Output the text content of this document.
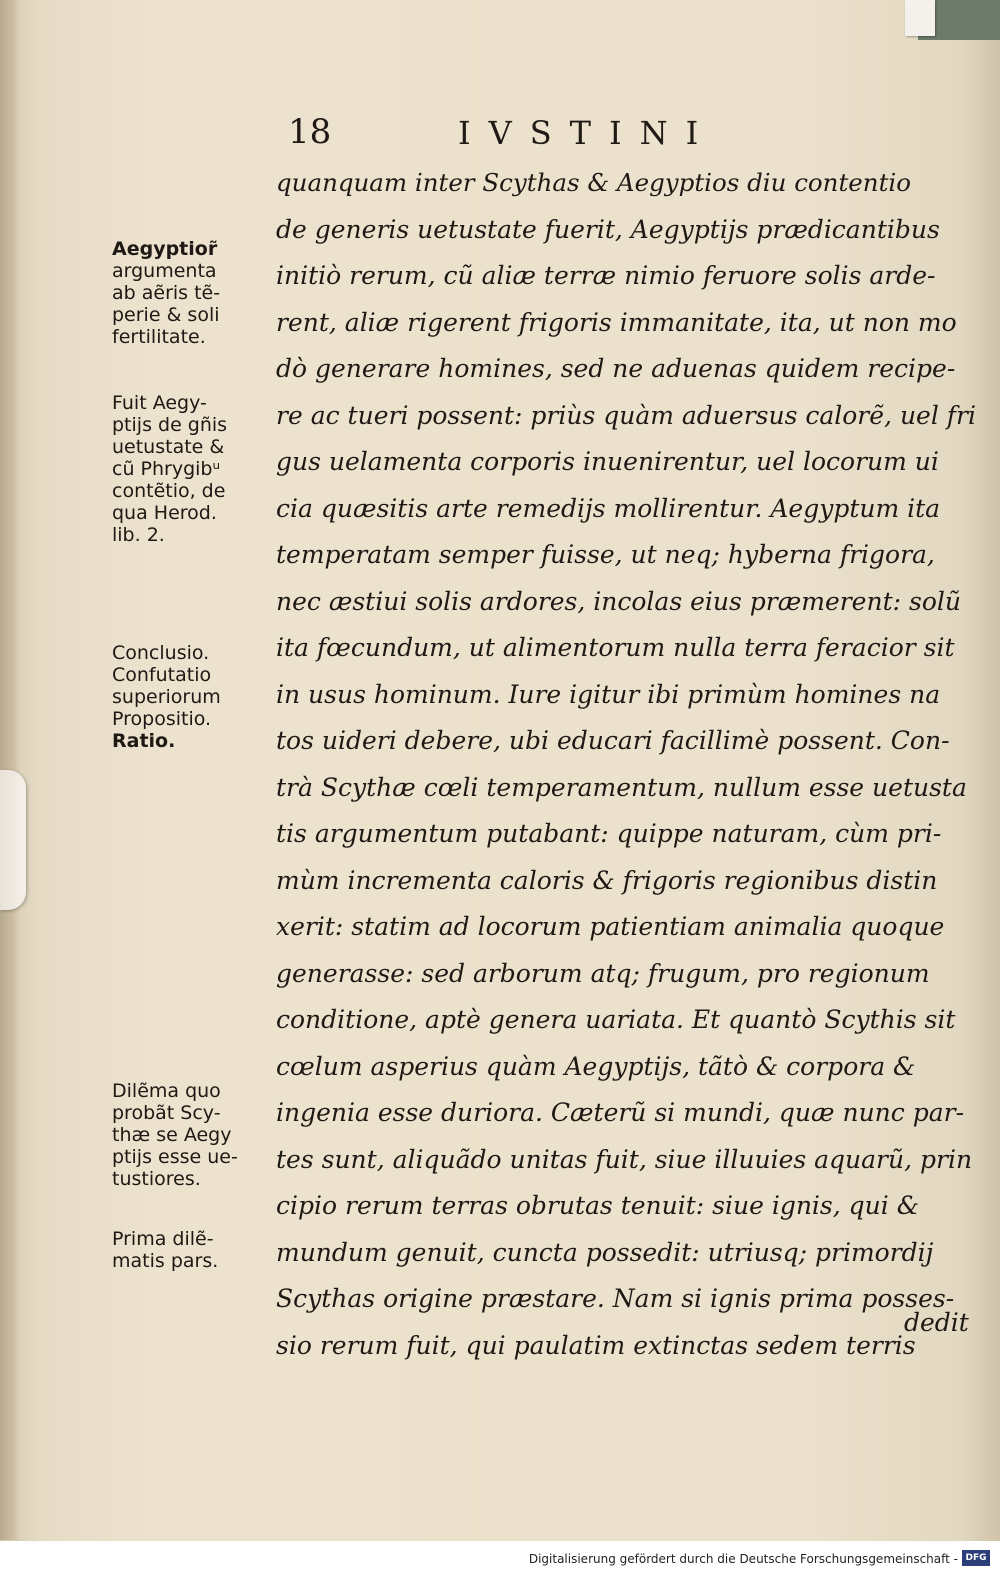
18	IVSTINI
quanquam inter Scythas & Aegyptios diu contentio
de generis uetustate fuerit, Aegyptijs prædicantibus
initiò rerum, cũ aliæ terræ nimio feruore solis arde-
rent, aliæ rigerent frigoris immanitate, ita, ut non mo
dò generare homines, sed ne aduenas quidem recipe-
re ac tueri possent: priùs quàm aduersus calorẽ, uel fri
gus uelamenta corporis inuenirentur, uel locorum ui
cia quæsitis arte remedijs mollirentur. Aegyptum ita
temperatam semper fuisse, ut neq; hyberna frigora,
nec æstiui solis ardores, incolas eius præmerent: solũ
ita fœcundum, ut alimentorum nulla terra feracior sit
in usus hominum. Iure igitur ibi primùm homines na
tos uideri debere, ubi educari facillimè possent. Con-
trà Scythæ cœli temperamentum, nullum esse uetusta
tis argumentum putabant: quippe naturam, cùm pri-
mùm incrementa caloris & frigoris regionibus distin
xerit: statim ad locorum patientiam animalia quoque
generasse: sed arborum atq; frugum, pro regionum
conditione, aptè genera uariata. Et quantò Scythis sit
cœlum asperius quàm Aegyptijs, tãtò & corpora &
ingenia esse duriora. Cæterũ si mundi, quæ nunc par-
tes sunt, aliquãdo unitas fuit, siue illuuies aquarũ, prin
cipio rerum terras obrutas tenuit: siue ignis, qui &
mundum genuit, cuncta possedit: utriusq; primordij
Scythas origine præstare. Nam si ignis prima posses-
sio rerum fuit, qui paulatim extinctas sedem terris
dedit
Aegyptior̃
argumenta
ab aẽris tẽ-
perie & soli
fertilitate.
Fuit Aegy-
ptijs de gñis
uetustate &
cũ Phrygibᵘ
contẽtio, de
qua Herod.
lib. 2.
Conclusio.
Confutatio
superiorum
Propositio.
Ratio.
Dilẽma quo
probãt Scy-
thæ se Aegy
ptijs esse ue-
tustiores.
Prima dilẽ-
matis pars.
Digitalisierung gefördert durch die Deutsche Forschungsgemeinschaft - DFG
